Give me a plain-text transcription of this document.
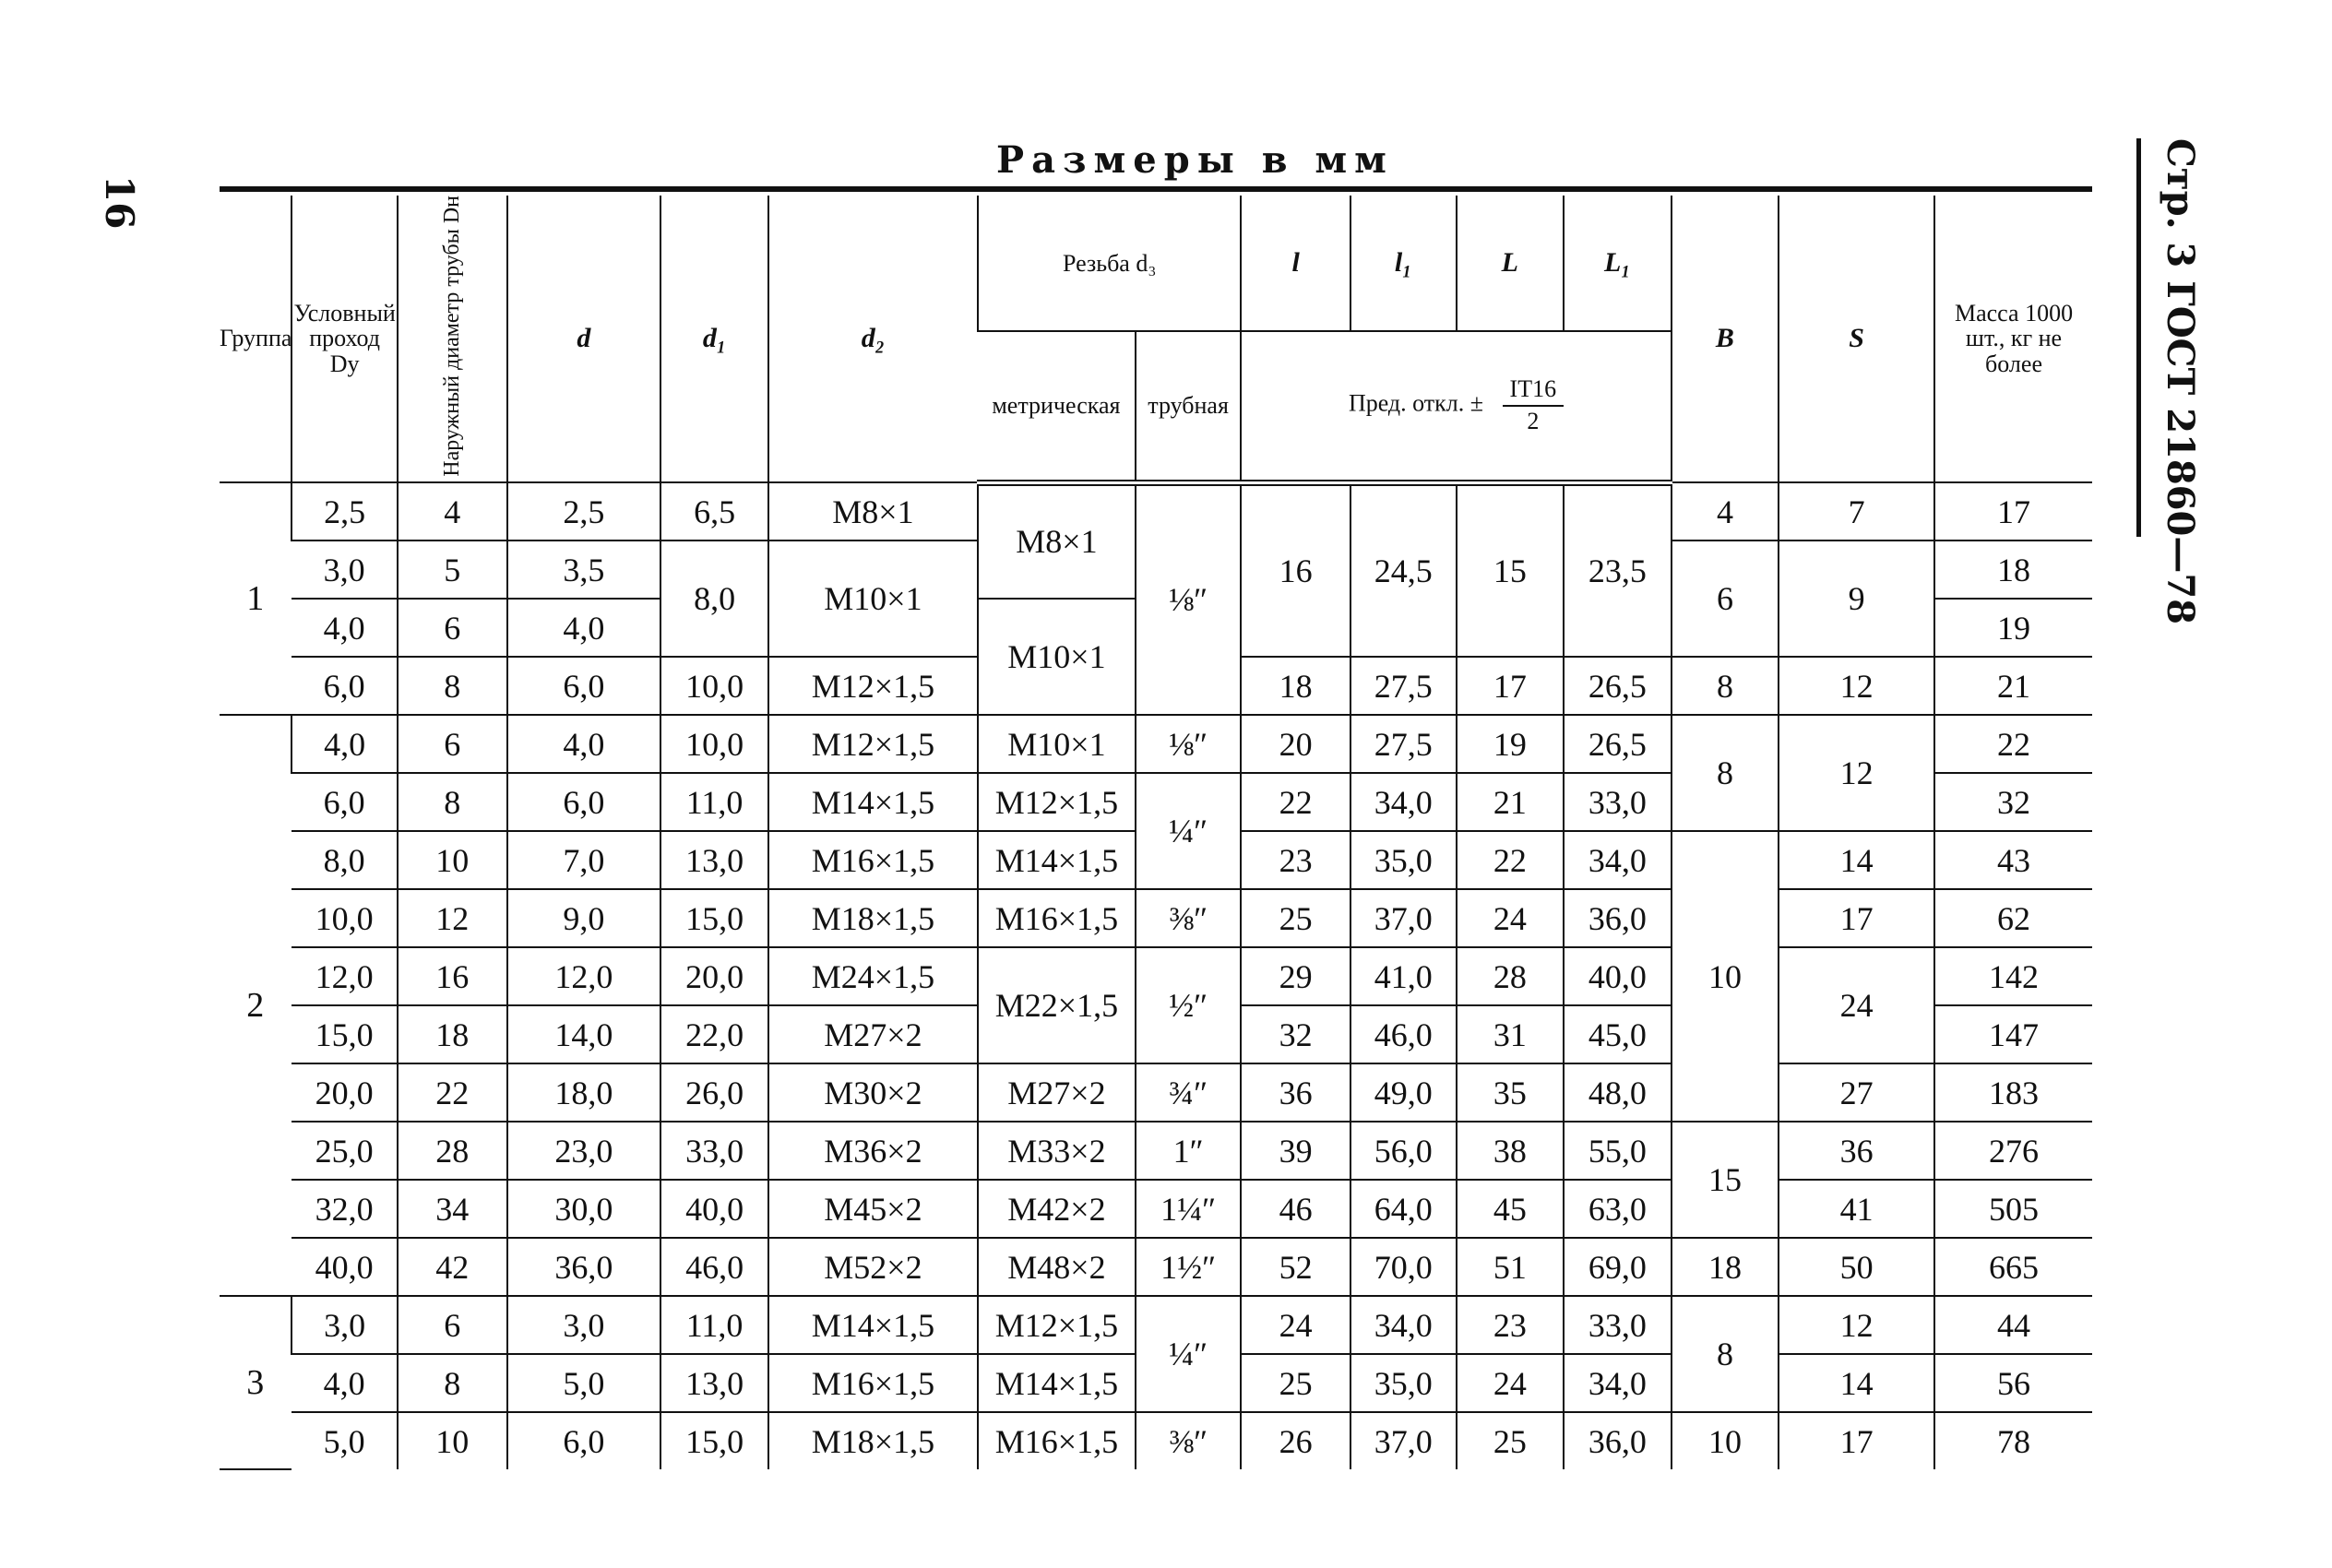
16	Стр. 3 ГОСТ 21860—78
Размеры в мм
Группа	Условный проход Dу	Наружный диаметр трубы Dн	d	d₁	d₂	Резьба d₃		l	l₁	L	L₁	B	S	Масса 1000 шт., кг не более
						метрическая	трубная	Пред. откл. ± $\frac{IT16}{2}$

1	2,5	4	2,5	6,5	M8×1	M8×1	⅛″	16	24,5	15	23,5	4	7	17
	3,0	5	3,5	8,0	M10×1							6	9	18
	4,0	6	4,0			M10×1								19
	6,0	8	6,0	10,0	M12×1,5			18	27,5	17	26,5	8	12	21
2	4,0	6	4,0	10,0	M12×1,5	M10×1	⅛″	20	27,5	19	26,5	8	12	22
	6,0	8	6,0	11,0	M14×1,5	M12×1,5	¼″	22	34,0	21	33,0			32
	8,0	10	7,0	13,0	M16×1,5	M14×1,5		23	35,0	22	34,0	10	14	43
	10,0	12	9,0	15,0	M18×1,5	M16×1,5	⅜″	25	37,0	24	36,0		17	62
	12,0	16	12,0	20,0	M24×1,5	M22×1,5	½″	29	41,0	28	40,0		24	142
	15,0	18	14,0	22,0	M27×2			32	46,0	31	45,0			147
	20,0	22	18,0	26,0	M30×2	M27×2	¾″	36	49,0	35	48,0		27	183
	25,0	28	23,0	33,0	M36×2	M33×2	1″	39	56,0	38	55,0	15	36	276
	32,0	34	30,0	40,0	M45×2	M42×2	1¼″	46	64,0	45	63,0		41	505
	40,0	42	36,0	46,0	M52×2	M48×2	1½″	52	70,0	51	69,0	18	50	665
3	3,0	6	3,0	11,0	M14×1,5	M12×1,5	¼″	24	34,0	23	33,0	8	12	44
	4,0	8	5,0	13,0	M16×1,5	M14×1,5		25	35,0	24	34,0		14	56
	5,0	10	6,0	15,0	M18×1,5	M16×1,5	⅜″	26	37,0	25	36,0	10	17	78
